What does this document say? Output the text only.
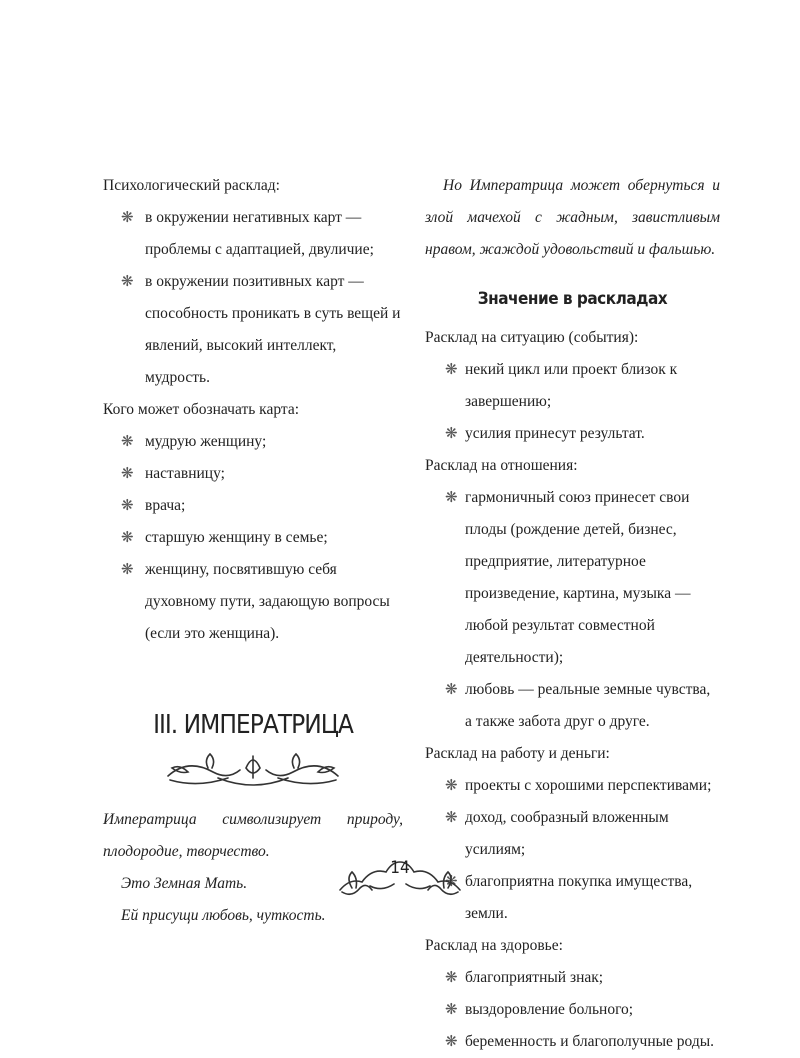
Психологический расклад:

❋ в окружении негативных карт — проблемы с адаптацией, двуличие;
❋ в окружении позитивных карт — способность проникать в суть вещей и явлений, высокий интеллект, мудрость.

Кого может обозначать карта:

❋ мудрую женщину;
❋ наставницу;
❋ врача;
❋ старшую женщину в семье;
❋ женщину, посвятившую себя духовному пути, задающую вопросы (если это женщина).
III. ИМПЕРАТРИЦА

Императрица символизирует природу, плодородие, творчество.

Это Земная Мать.

Ей присущи любовь, чуткость.

Но Императрица может обернуться и злой мачехой с жадным, завистливым нравом, жаждой удовольствий и фальшью.

Значение в раскладах

Расклад на ситуацию (события):

❋ некий цикл или проект близок к завершению;
❋ усилия принесут результат.

Расклад на отношения:

❋ гармоничный союз принесет свои плоды (рождение детей, бизнес, предприятие, литературное произведение, картина, музыка — любой результат совместной деятельности);
❋ любовь — реальные земные чувства, а также забота друг о друге.

Расклад на работу и деньги:

❋ проекты с хорошими перспективами;
❋ доход, сообразный вложенным усилиям;
❋ благоприятна покупка имущества, земли.

Расклад на здоровье:

❋ благоприятный знак;
❋ выздоровление больного;
❋ беременность и благополучные роды.
14
